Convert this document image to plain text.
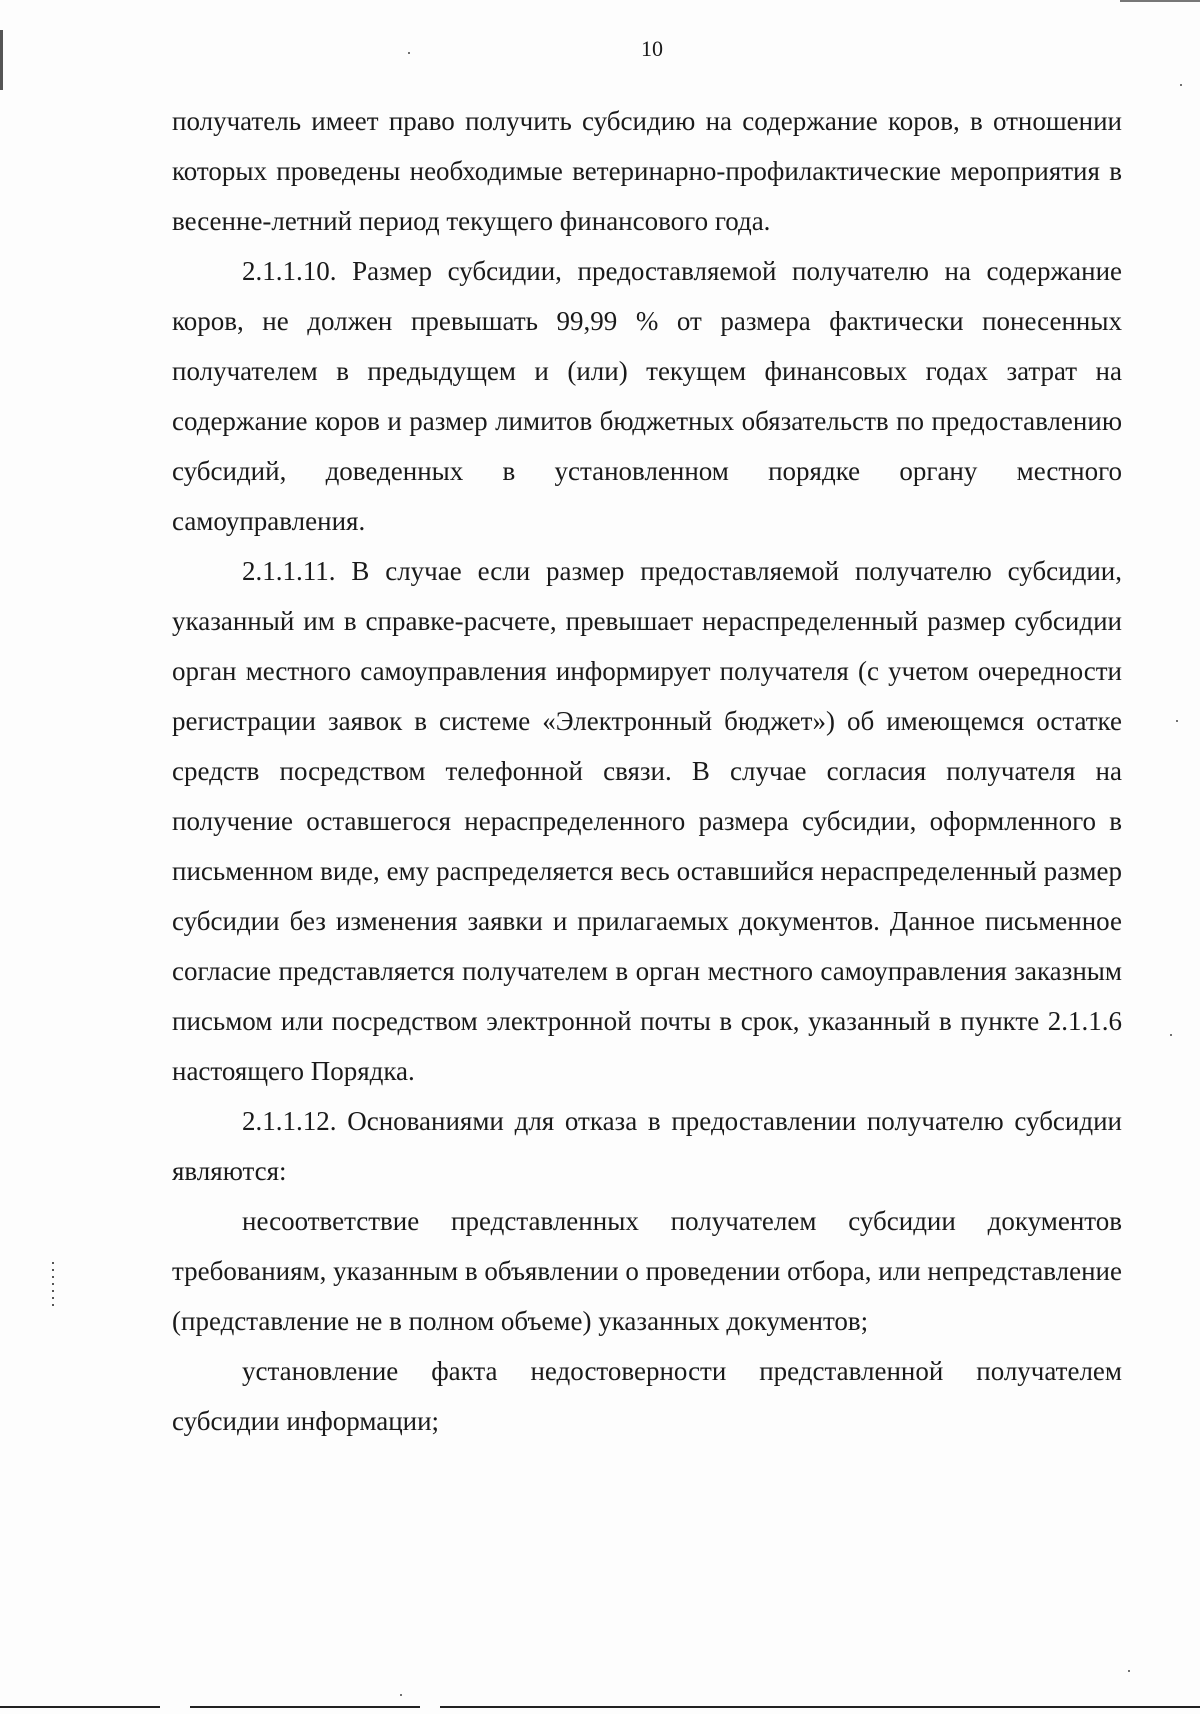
10

получатель имеет право получить субсидию на содержание коров, в отношении которых проведены необходимые ветеринарно-профилактические мероприятия в весенне-летний период текущего финансового года.

2.1.1.10. Размер субсидии, предоставляемой получателю на содержание коров, не должен превышать 99,99 % от размера фактически понесенных получателем в предыдущем и (или) текущем финансовых годах затрат на содержание коров и размер лимитов бюджетных обязательств по предоставлению субсидий, доведенных в установленном порядке органу местного самоуправления.

2.1.1.11. В случае если размер предоставляемой получателю субсидии, указанный им в справке-расчете, превышает нераспределенный размер субсидии орган местного самоуправления информирует получателя (с учетом очередности регистрации заявок в системе «Электронный бюджет») об имеющемся остатке средств посредством телефонной связи. В случае согласия получателя на получение оставшегося нераспределенного размера субсидии, оформленного в письменном виде, ему распределяется весь оставшийся нераспределенный размер субсидии без изменения заявки и прилагаемых документов. Данное письменное согласие представляется получателем в орган местного самоуправления заказным письмом или посредством электронной почты в срок, указанный в пункте 2.1.1.6 настоящего Порядка.

2.1.1.12. Основаниями для отказа в предоставлении получателю субсидии являются:

несоответствие представленных получателем субсидии документов требованиям, указанным в объявлении о проведении отбора, или непредставление (представление не в полном объеме) указанных документов;

установление факта недостоверности представленной получателем субсидии информации;
